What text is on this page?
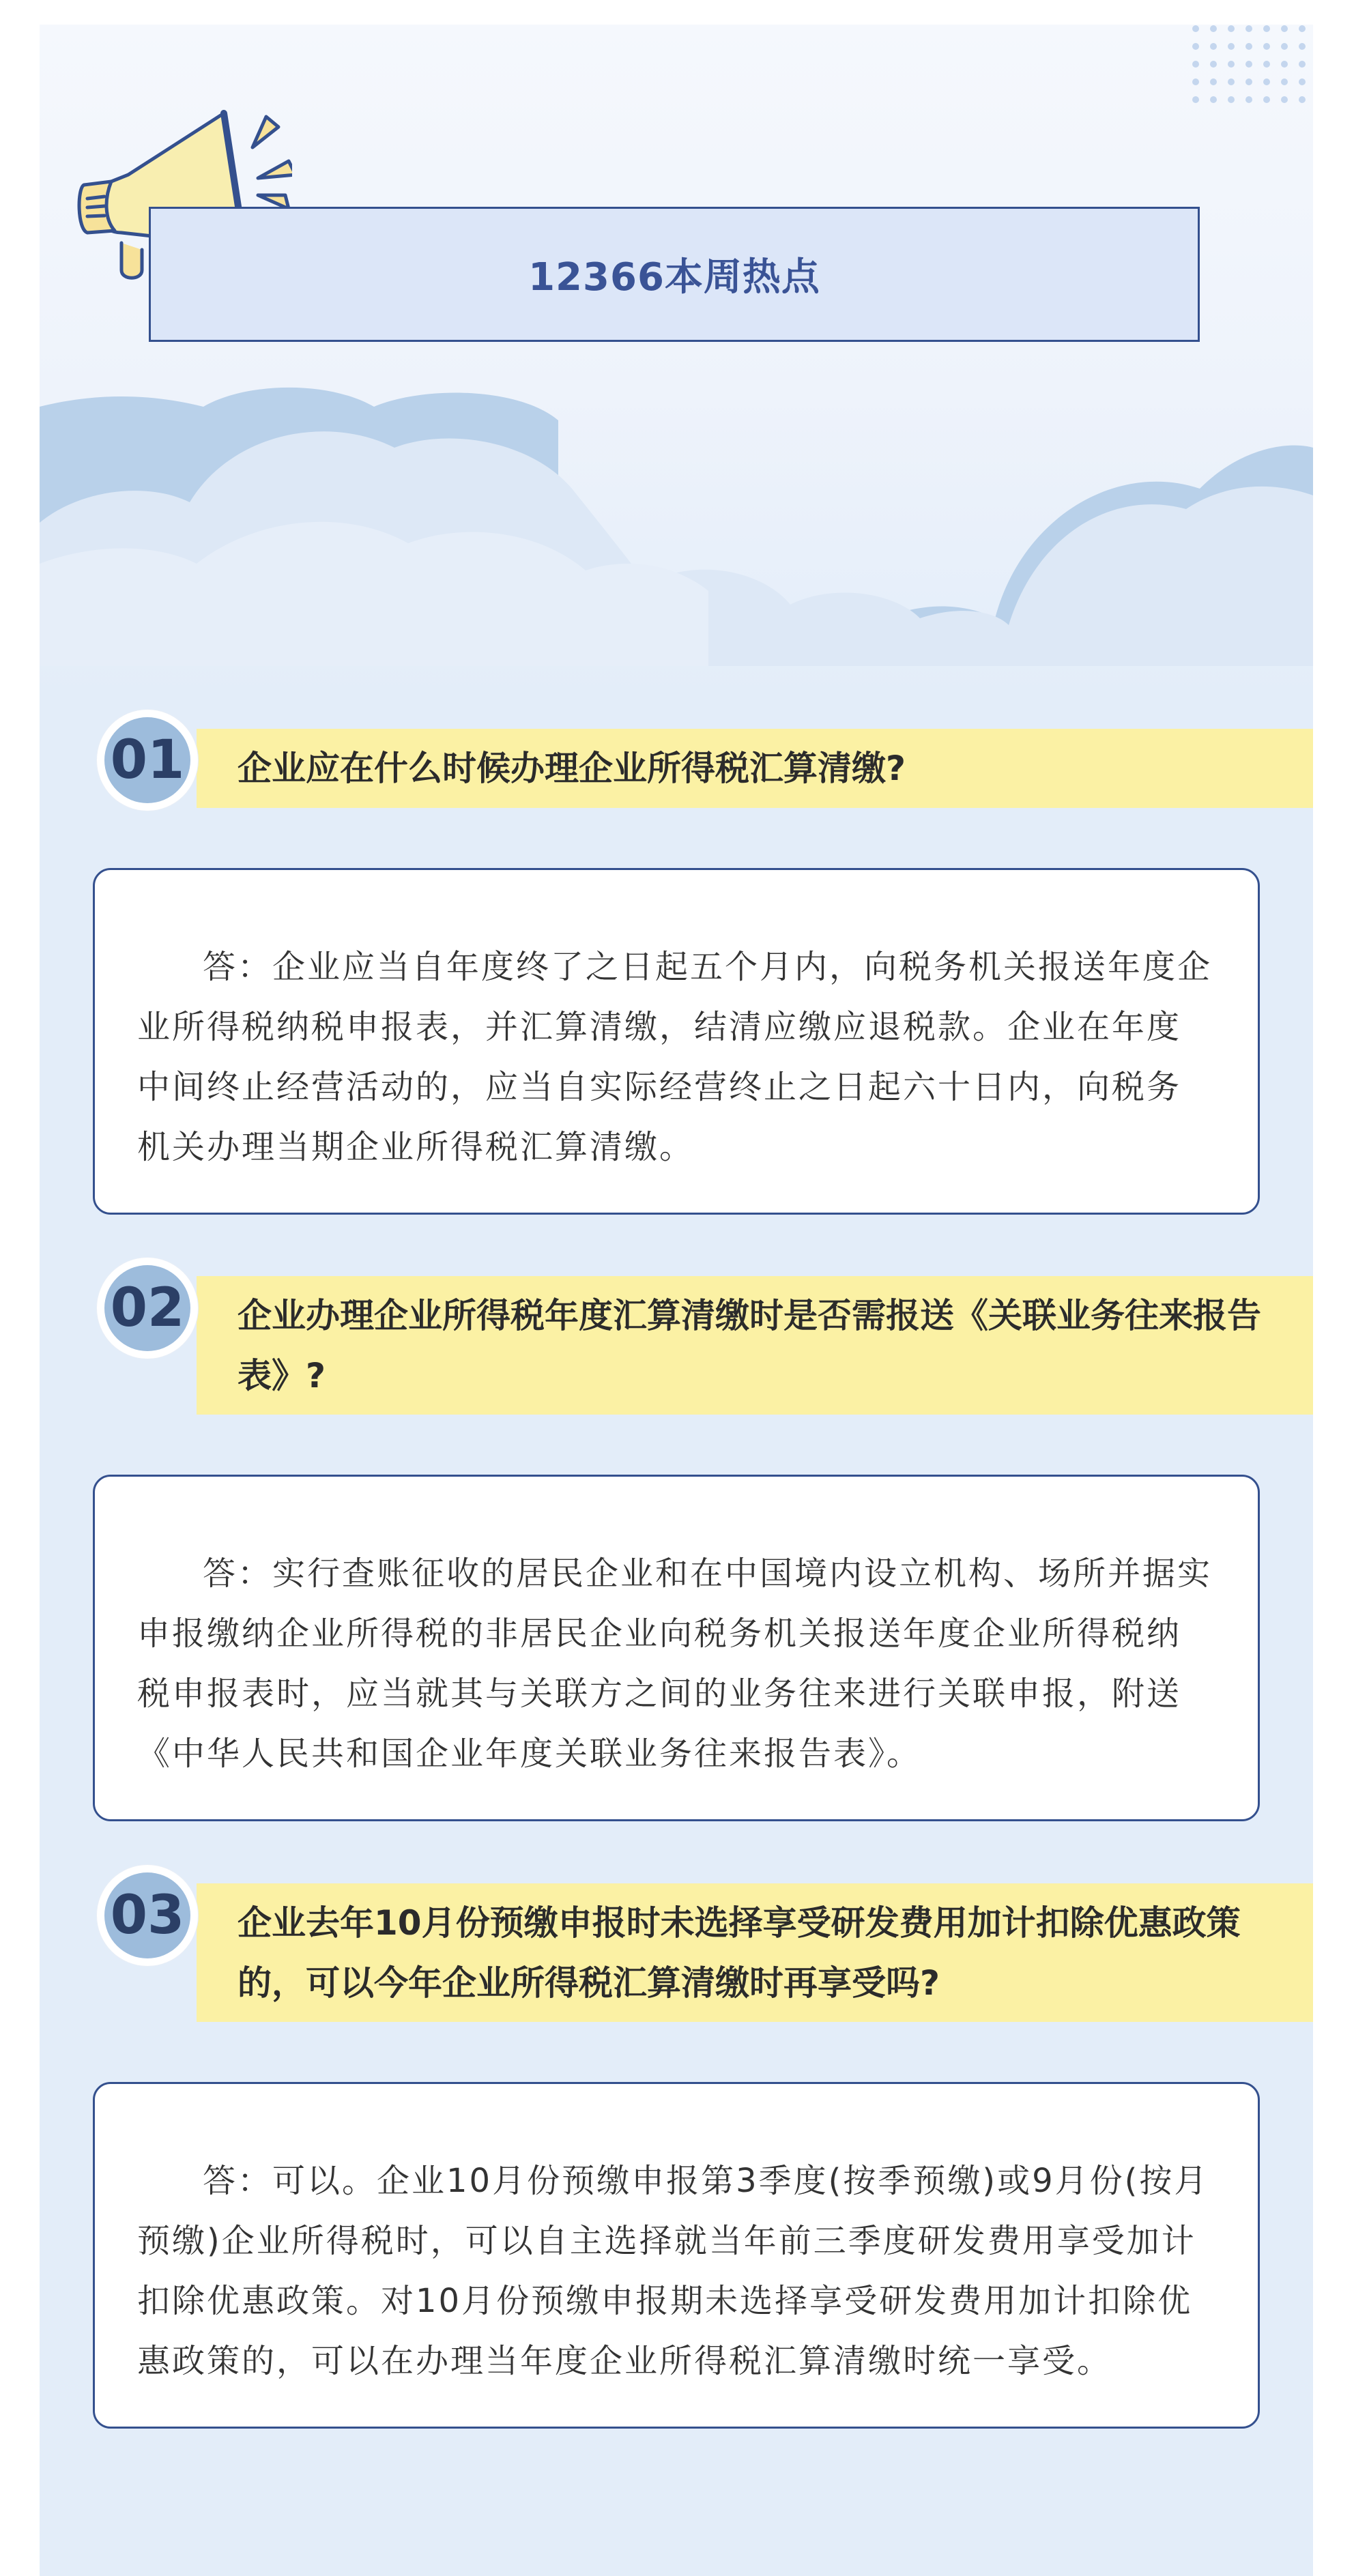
12366本周热点
01	企业应在什么时候办理企业所得税汇算清缴?
答：企业应当自年度终了之日起五个月内，向税务机关报送年度企业所得税纳税申报表，并汇算清缴，结清应缴应退税款。企业在年度中间终止经营活动的，应当自实际经营终止之日起六十日内，向税务机关办理当期企业所得税汇算清缴。
02	企业办理企业所得税年度汇算清缴时是否需报送《关联业务往来报告表》?
答：实行查账征收的居民企业和在中国境内设立机构、场所并据实申报缴纳企业所得税的非居民企业向税务机关报送年度企业所得税纳税申报表时，应当就其与关联方之间的业务往来进行关联申报，附送《中华人民共和国企业年度关联业务往来报告表》。
03	企业去年10月份预缴申报时未选择享受研发费用加计扣除优惠政策的，可以今年企业所得税汇算清缴时再享受吗?
答：可以。企业10月份预缴申报第3季度(按季预缴)或9月份(按月预缴)企业所得税时，可以自主选择就当年前三季度研发费用享受加计扣除优惠政策。对10月份预缴申报期未选择享受研发费用加计扣除优惠政策的，可以在办理当年度企业所得税汇算清缴时统一享受。
